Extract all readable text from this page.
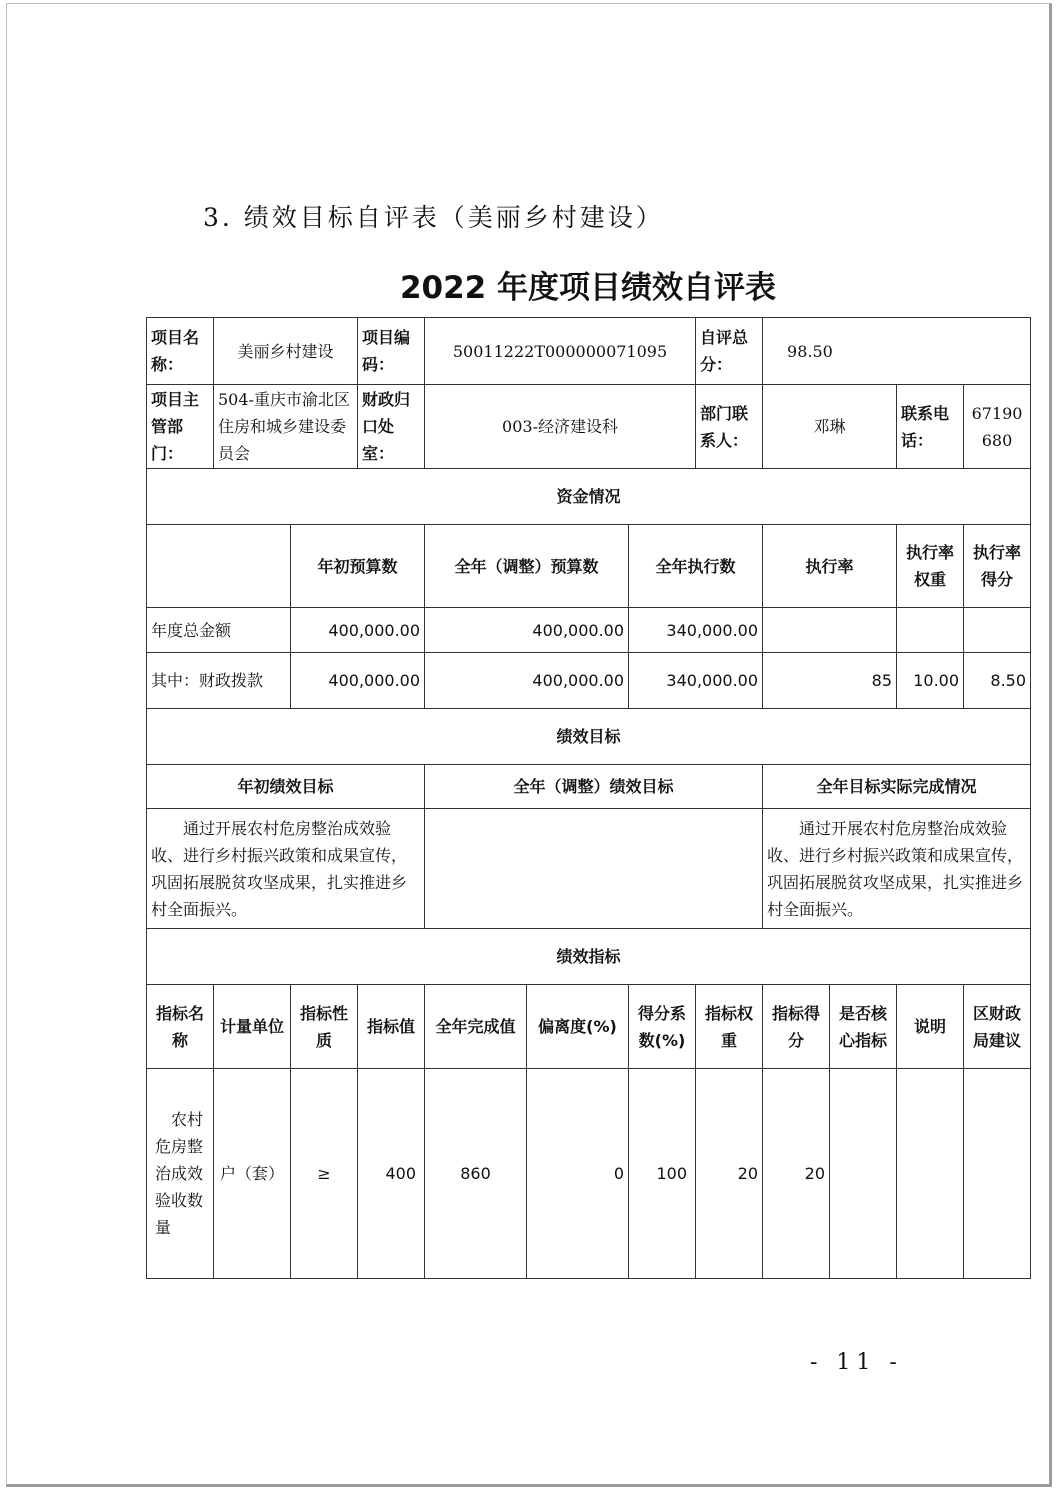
3. 绩效目标自评表（美丽乡村建设）
2022 年度项目绩效自评表
项目名称：	美丽乡村建设		项目编码：	50011222T000000071095			自评总分：	98.50			
项目主管部门：	504-重庆市渝北区住房和城乡建设委员会		财政归口处室：	003-经济建设科			部门联系人：	邓琳		联系电话：	67190680
资金情况											
		年初预算数		全年（调整）预算数		全年执行数		执行率		执行率权重	执行率得分
年度总金额		400,000.00		400,000.00		340,000.00					
其中：财政拨款		400,000.00		400,000.00		340,000.00		85		10.00	8.50
绩效目标											
年初绩效目标				全年（调整）绩效目标				全年目标实际完成情况			
通过开展农村危房整治成效验收、进行乡村振兴政策和成果宣传，巩固拓展脱贫攻坚成果，扎实推进乡村全面振兴。								通过开展农村危房整治成效验收、进行乡村振兴政策和成果宣传，巩固拓展脱贫攻坚成果，扎实推进乡村全面振兴。			
绩效指标											
指标名称	计量单位	指标性质	指标值	全年完成值	偏离度(%)	得分系数(%)	指标权重	指标得分	是否核心指标	说明	区财政局建议
农村危房整治成效验收数量	户（套）	≥	400	860	0	100	20	20			
- 11 -
